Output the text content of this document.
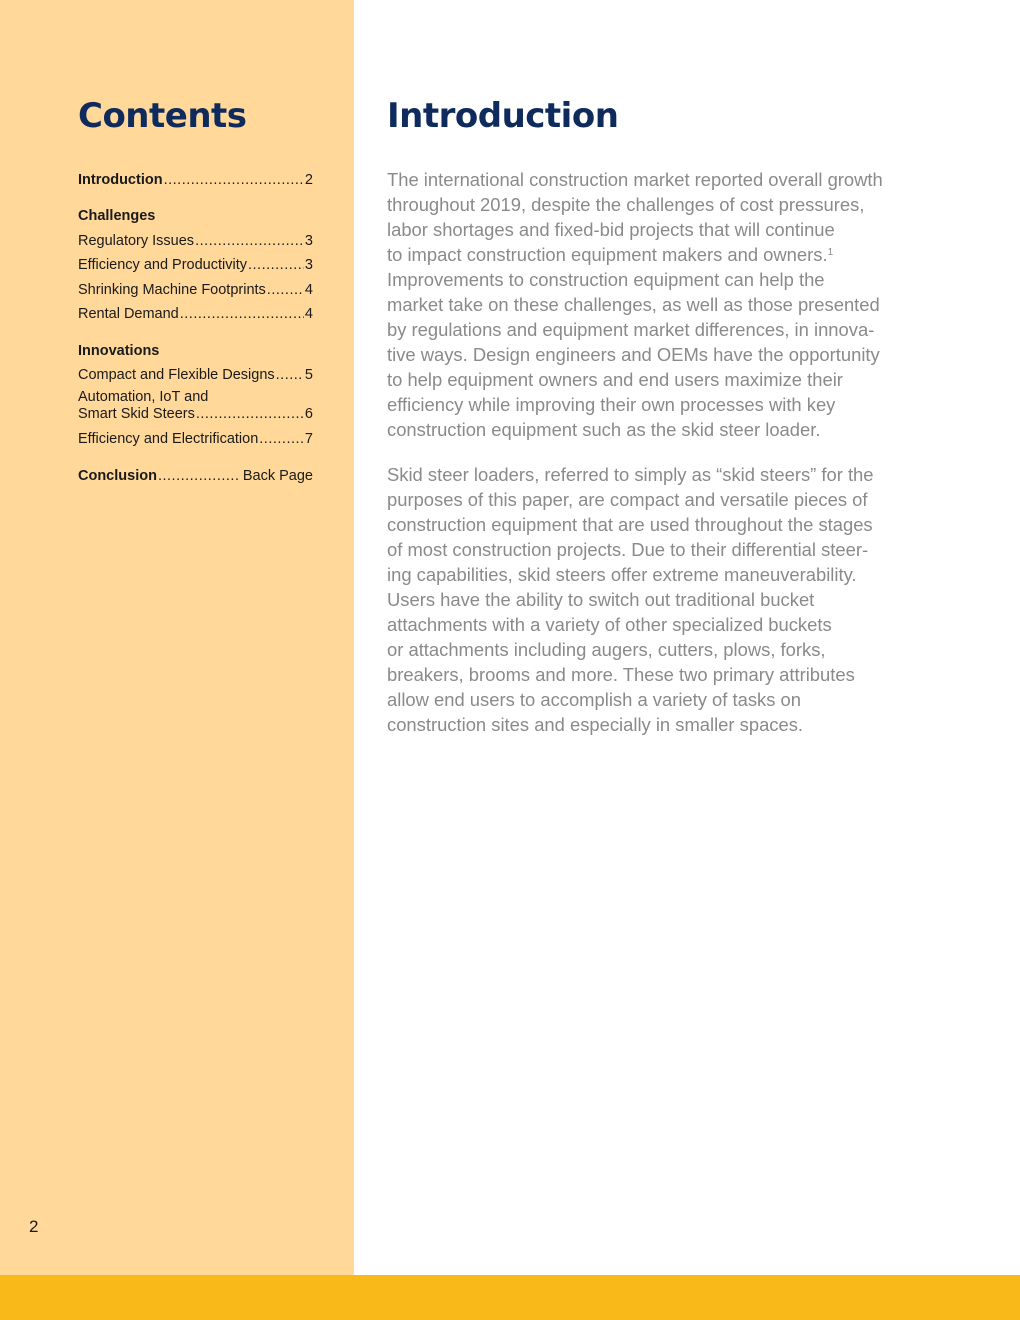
Contents
Introduction .....	2
Challenges
Regulatory Issues .....	3
Efficiency and Productivity .....	3
Shrinking Machine Footprints .....	4
Rental Demand .....	4
Innovations
Compact and Flexible Designs ..... 5
Automation, IoT and
Smart Skid Steers .....	6
Efficiency and Electrification .....	7
Conclusion .....	Back Page
Introduction

The international construction market reported overall growth
throughout 2019, despite the challenges of cost pressures,
labor shortages and fixed-bid projects that will continue
to impact construction equipment makers and owners.$^1$
Improvements to construction equipment can help the
market take on these challenges, as well as those presented
by regulations and equipment market differences, in innova-
tive ways. Design engineers and OEMs have the opportunity
to help equipment owners and end users maximize their
efficiency while improving their own processes with key
construction equipment such as the skid steer loader.

Skid steer loaders, referred to simply as “skid steers” for the
purposes of this paper, are compact and versatile pieces of
construction equipment that are used throughout the stages
of most construction projects. Due to their differential steer-
ing capabilities, skid steers offer extreme maneuverability.
Users have the ability to switch out traditional bucket
attachments with a variety of other specialized buckets
or attachments including augers, cutters, plows, forks,
breakers, brooms and more. These two primary attributes
allow end users to accomplish a variety of tasks on
construction sites and especially in smaller spaces.

2
